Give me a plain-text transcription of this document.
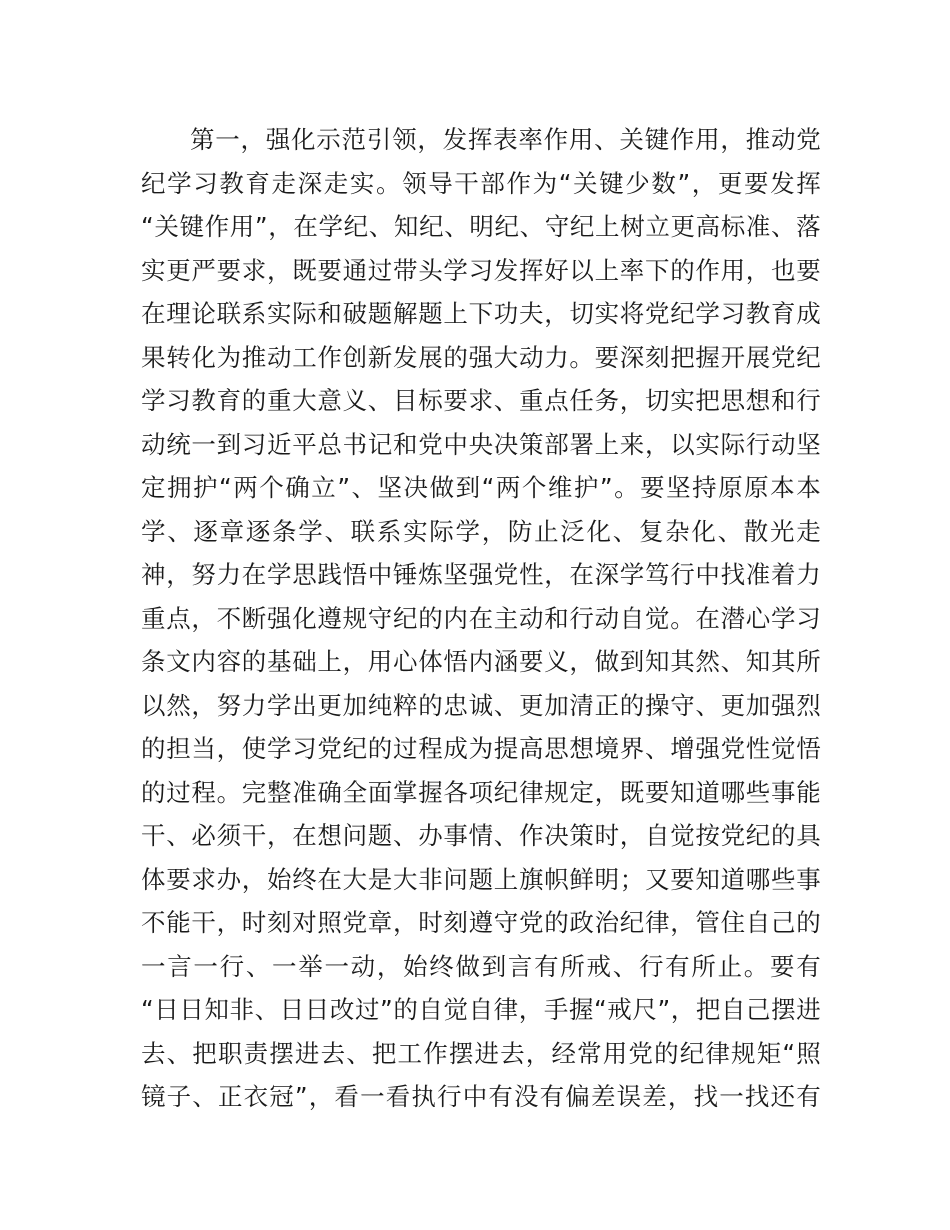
第一，强化示范引领，发挥表率作用、关键作用，推动党
纪学习教育走深走实。领导干部作为“关键少数”，更要发挥
“关键作用”，在学纪、知纪、明纪、守纪上树立更高标准、落
实更严要求，既要通过带头学习发挥好以上率下的作用，也要
在理论联系实际和破题解题上下功夫，切实将党纪学习教育成
果转化为推动工作创新发展的强大动力。要深刻把握开展党纪
学习教育的重大意义、目标要求、重点任务，切实把思想和行
动统一到习近平总书记和党中央决策部署上来，以实际行动坚
定拥护“两个确立”、坚决做到“两个维护”。要坚持原原本本
学、逐章逐条学、联系实际学，防止泛化、复杂化、散光走
神，努力在学思践悟中锤炼坚强党性，在深学笃行中找准着力
重点，不断强化遵规守纪的内在主动和行动自觉。在潜心学习
条文内容的基础上，用心体悟内涵要义，做到知其然、知其所
以然，努力学出更加纯粹的忠诚、更加清正的操守、更加强烈
的担当，使学习党纪的过程成为提高思想境界、增强党性觉悟
的过程。完整准确全面掌握各项纪律规定，既要知道哪些事能
干、必须干，在想问题、办事情、作决策时，自觉按党纪的具
体要求办，始终在大是大非问题上旗帜鲜明；又要知道哪些事
不能干，时刻对照党章，时刻遵守党的政治纪律，管住自己的
一言一行、一举一动，始终做到言有所戒、行有所止。要有
“日日知非、日日改过”的自觉自律，手握“戒尺”，把自己摆进
去、把职责摆进去、把工作摆进去，经常用党的纪律规矩“照
镜子、正衣冠”，看一看执行中有没有偏差误差，找一找还有
